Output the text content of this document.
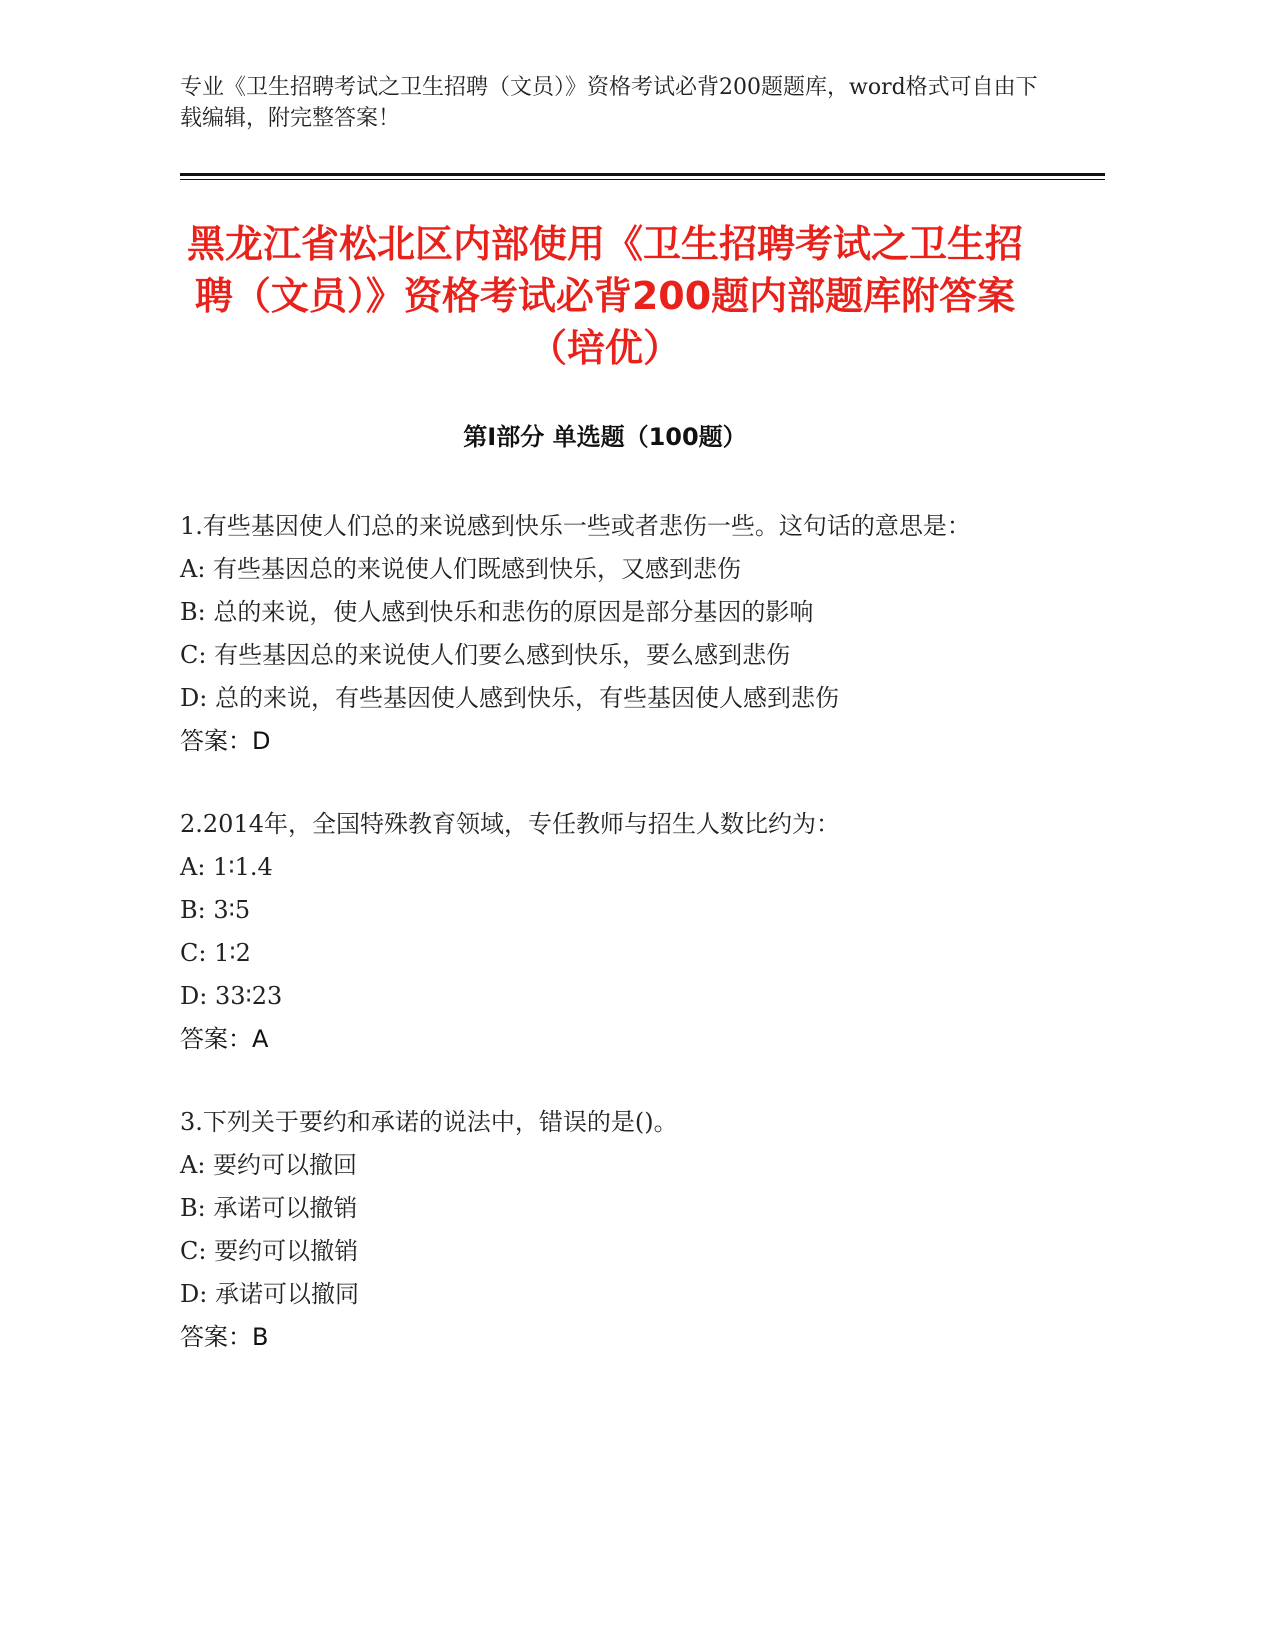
专业《卫生招聘考试之卫生招聘（文员）》资格考试必背200题题库，word格式可自由下载编辑，附完整答案！

黑龙江省松北区内部使用《卫生招聘考试之卫生招聘（文员）》资格考试必背200题内部题库附答案（培优）
第Ⅰ部分 单选题（100题）

1.有些基因使人们总的来说感到快乐一些或者悲伤一些。这句话的意思是：

A: 有些基因总的来说使人们既感到快乐，又感到悲伤

B: 总的来说，使人感到快乐和悲伤的原因是部分基因的影响

C: 有些基因总的来说使人们要么感到快乐，要么感到悲伤

D: 总的来说，有些基因使人感到快乐，有些基因使人感到悲伤

答案：D

2.2014年，全国特殊教育领域，专任教师与招生人数比约为：

A: 1∶1.4

B: 3∶5

C: 1∶2

D: 33∶23

答案：A

3.下列关于要约和承诺的说法中，错误的是()。

A: 要约可以撤回

B: 承诺可以撤销

C: 要约可以撤销

D: 承诺可以撤同

答案：B
